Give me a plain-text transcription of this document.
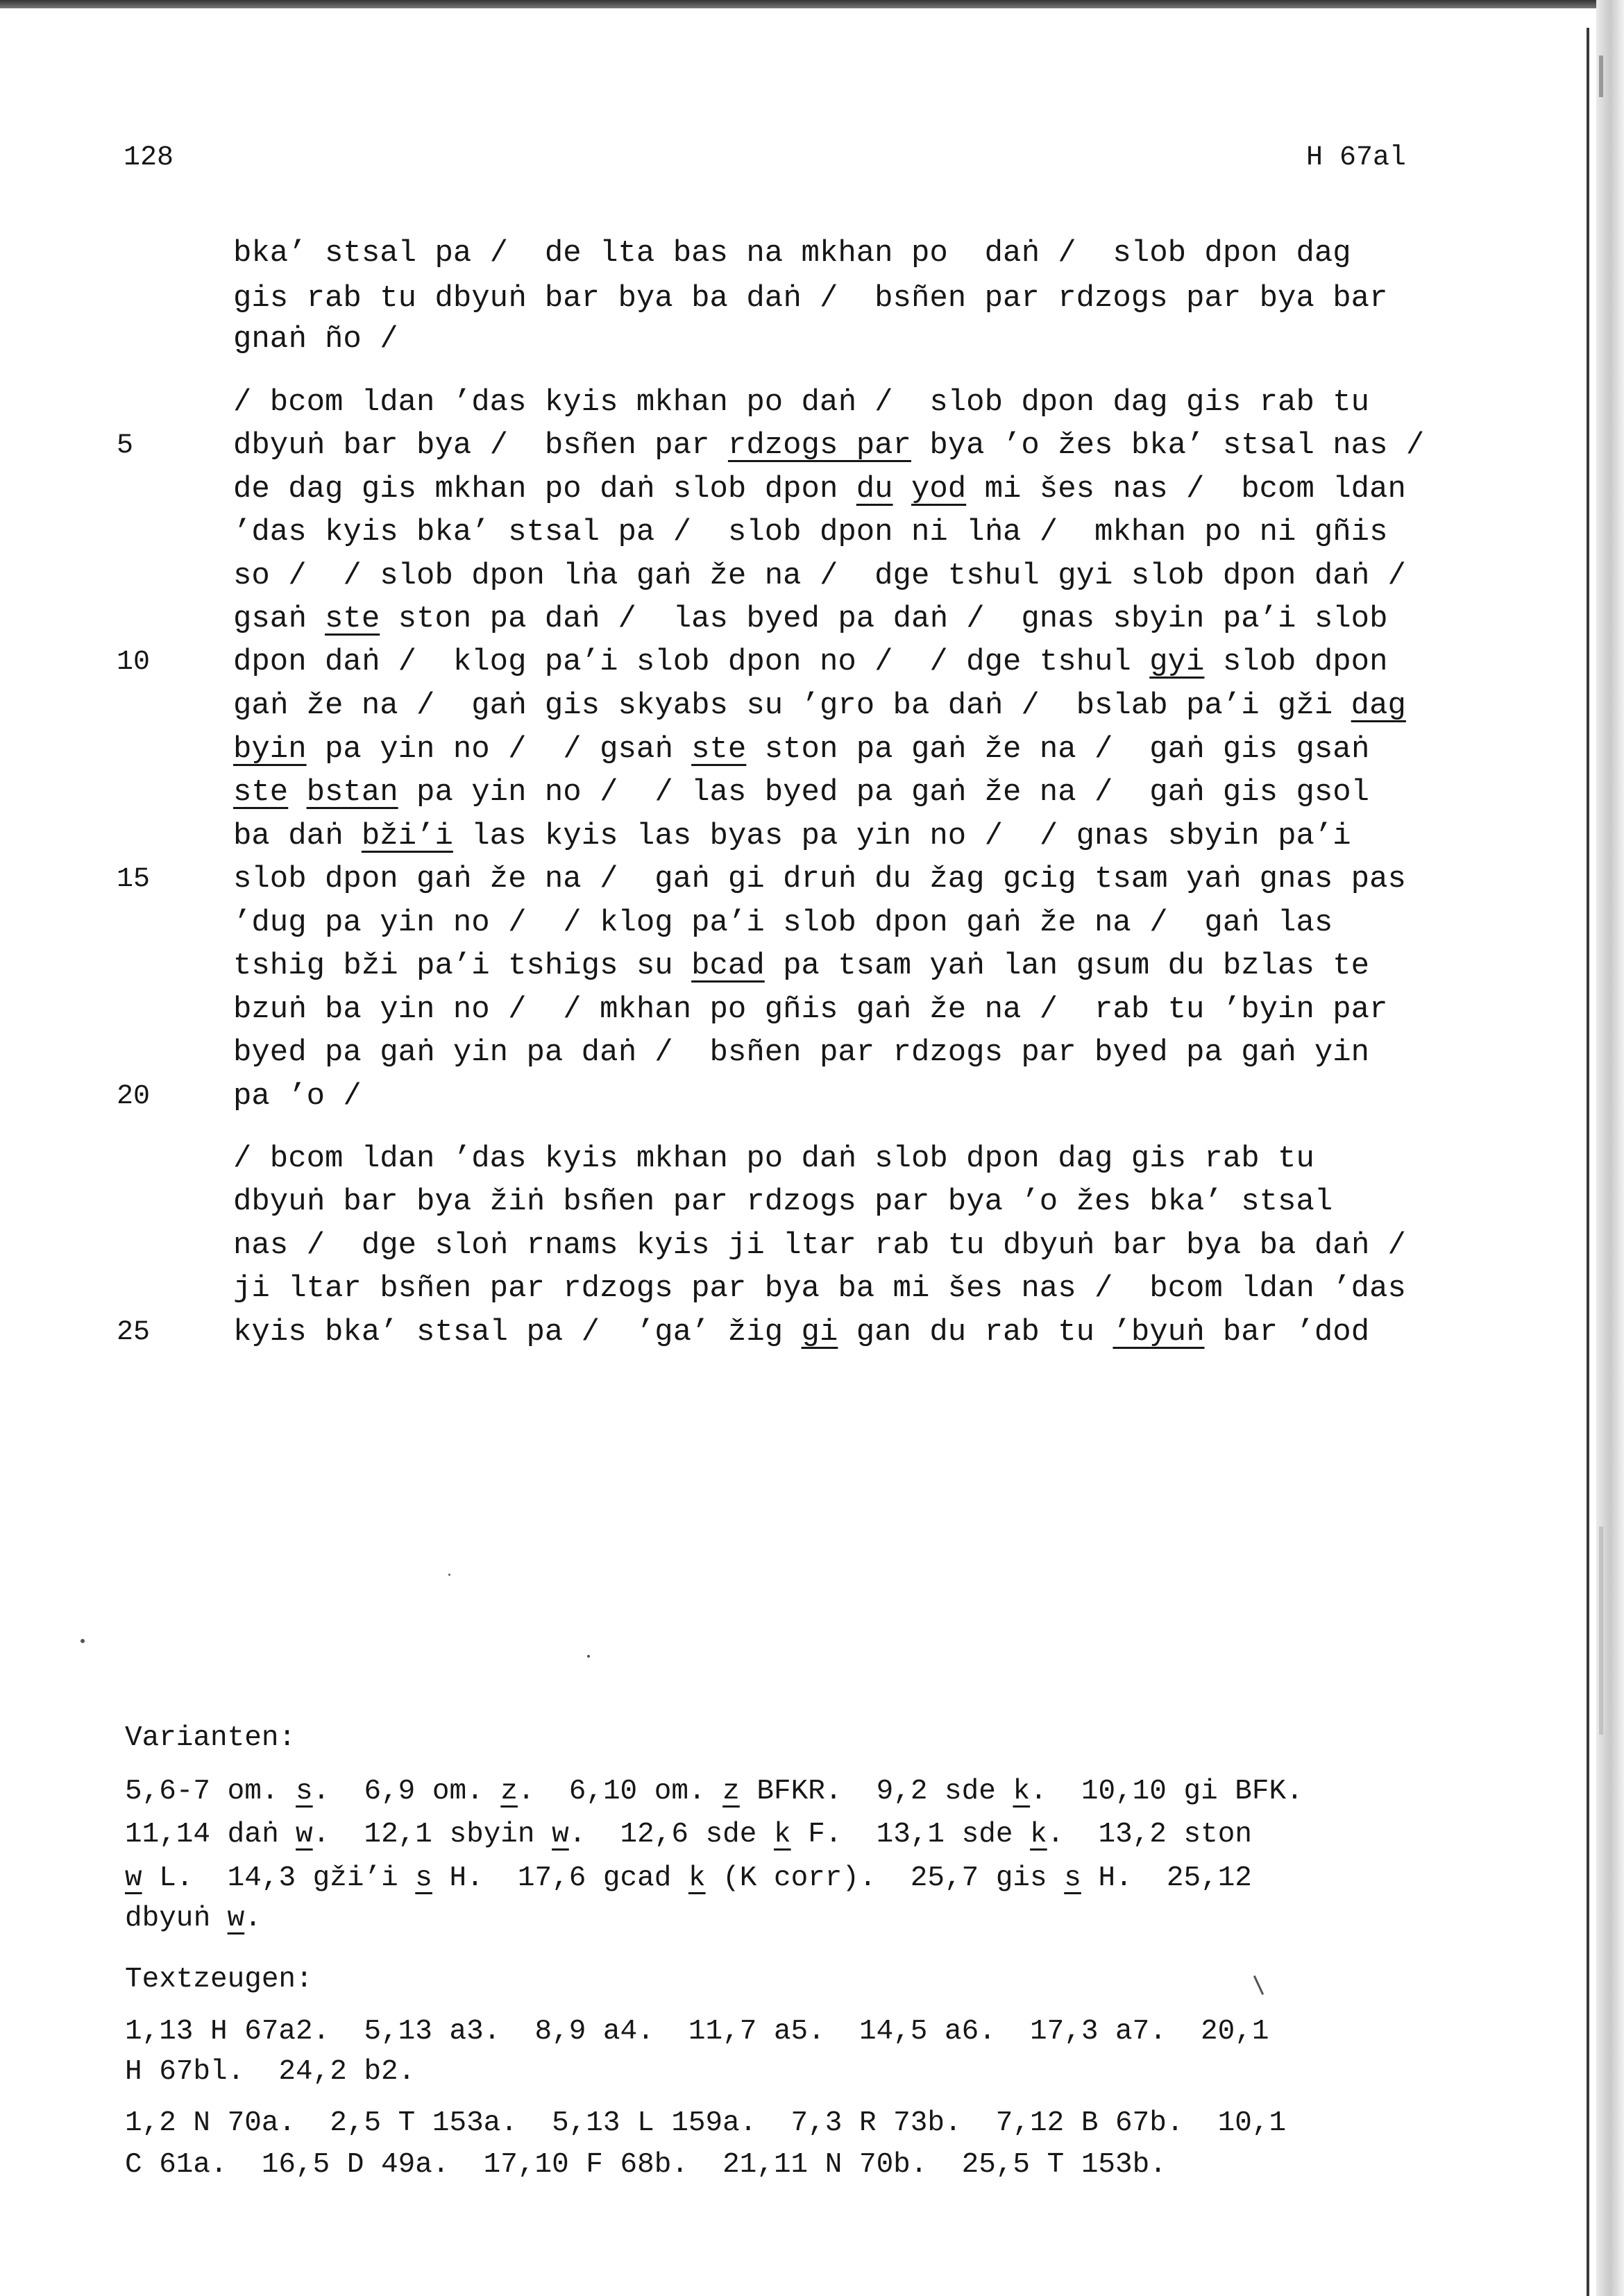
128	H 67al
bka’ stsal pa /  de lta bas na mkhan po  daṅ /  slob dpon dag
gis rab tu dbyuṅ bar bya ba daṅ /  bsñen par rdzogs par bya bar
gnaṅ ño /
/ bcom ldan ’das kyis mkhan po daṅ /  slob dpon dag gis rab tu
5	dbyuṅ bar bya /  bsñen par rdzogs par bya ’o žes bka’ stsal nas /
de dag gis mkhan po daṅ slob dpon du yod mi šes nas /  bcom ldan
’das kyis bka’ stsal pa /  slob dpon ni lṅa /  mkhan po ni gñis
so /  / slob dpon lṅa gaṅ že na /  dge tshul gyi slob dpon daṅ /
gsaṅ ste ston pa daṅ /  las byed pa daṅ /  gnas sbyin pa’i slob
10	dpon daṅ /  klog pa’i slob dpon no /  / dge tshul gyi slob dpon
gaṅ že na /  gaṅ gis skyabs su ’gro ba daṅ /  bslab pa’i gži dag
byin pa yin no /  / gsaṅ ste ston pa gaṅ že na /  gaṅ gis gsaṅ
ste bstan pa yin no /  / las byed pa gaṅ že na /  gaṅ gis gsol
ba daṅ bži’i las kyis las byas pa yin no /  / gnas sbyin pa’i
15	slob dpon gaṅ že na /  gaṅ gi druṅ du žag gcig tsam yaṅ gnas pas
’dug pa yin no /  / klog pa’i slob dpon gaṅ že na /  gaṅ las
tshig bži pa’i tshigs su bcad pa tsam yaṅ lan gsum du bzlas te
bzuṅ ba yin no /  / mkhan po gñis gaṅ že na /  rab tu ’byin par
byed pa gaṅ yin pa daṅ /  bsñen par rdzogs par byed pa gaṅ yin
20	pa ’o /
/ bcom ldan ’das kyis mkhan po daṅ slob dpon dag gis rab tu
dbyuṅ bar bya žiṅ bsñen par rdzogs par bya ’o žes bka’ stsal
nas /  dge sloṅ rnams kyis ji ltar rab tu dbyuṅ bar bya ba daṅ /
ji ltar bsñen par rdzogs par bya ba mi šes nas /  bcom ldan ’das
25	kyis bka’ stsal pa /  ’ga’ žig gi gan du rab tu ’byuṅ bar ’dod
Varianten:
5,6-7 om. s.  6,9 om. z.  6,10 om. z BFKR.  9,2 sde k.  10,10 gi BFK.
11,14 daṅ w.  12,1 sbyin w.  12,6 sde k F.  13,1 sde k.  13,2 ston
w L.  14,3 gži’i s H.  17,6 gcad k (K corr).  25,7 gis s H.  25,12
dbyuṅ w.
Textzeugen:
1,13 H 67a2.  5,13 a3.  8,9 a4.  11,7 a5.  14,5 a6.  17,3 a7.  20,1
H 67bl.  24,2 b2.
1,2 N 70a.  2,5 T 153a.  5,13 L 159a.  7,3 R 73b.  7,12 B 67b.  10,1
C 61a.  16,5 D 49a.  17,10 F 68b.  21,11 N 70b.  25,5 T 153b.
